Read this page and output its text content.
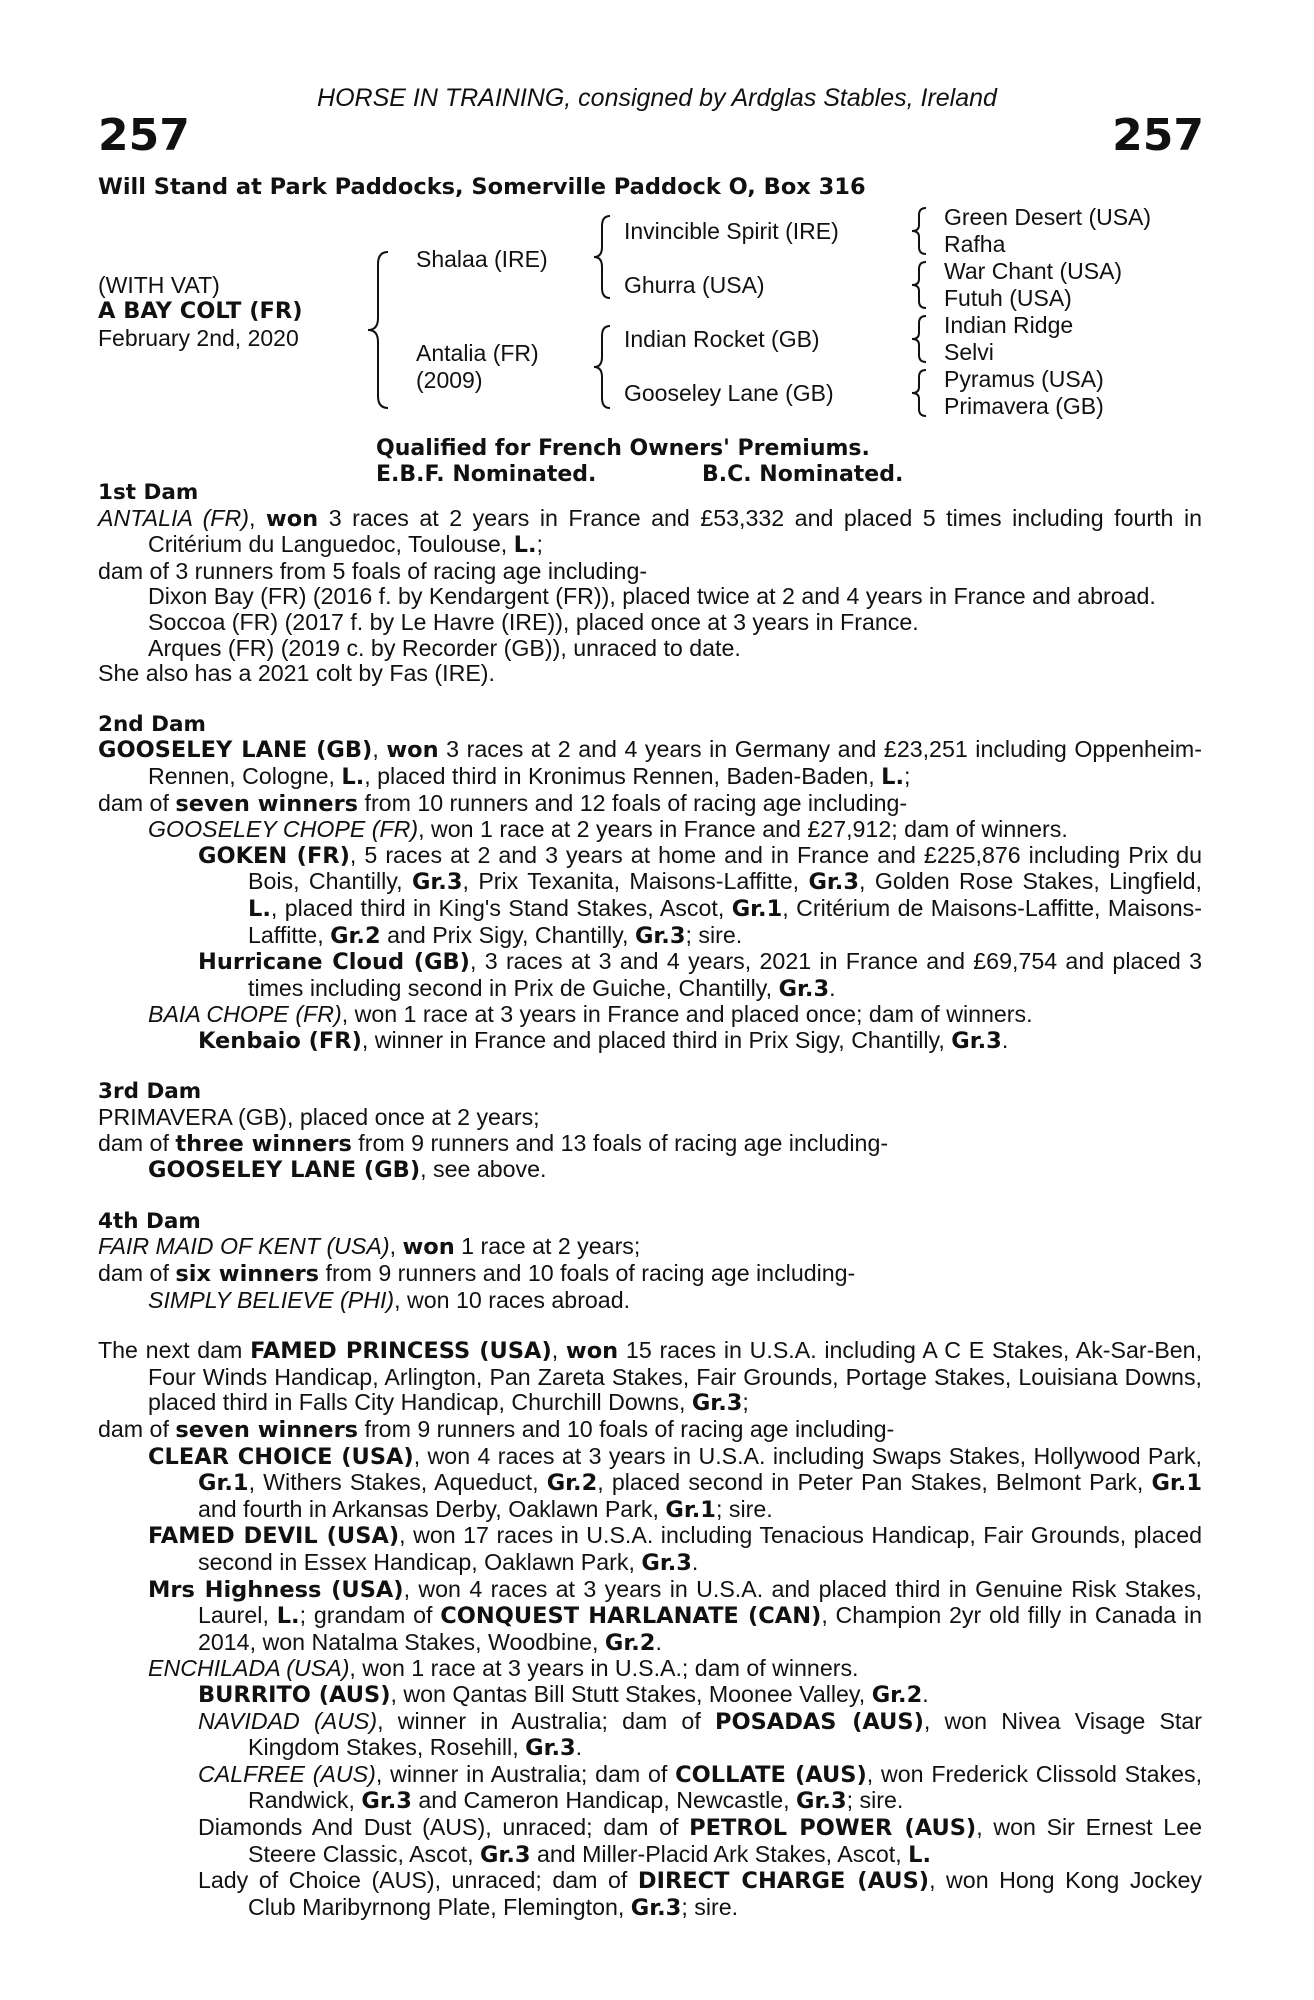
HORSE IN TRAINING, consigned by Ardglas Stables, Ireland
257	257
Will Stand at Park Paddocks, Somerville Paddock O, Box 316
(WITH VAT)
A BAY COLT (FR)
February 2nd, 2020
Shalaa (IRE)
Antalia (FR)
(2009)
Invincible Spirit (IRE)
Ghurra (USA)
Indian Rocket (GB)
Gooseley Lane (GB)
Green Desert (USA)
Rafha
War Chant (USA)
Futuh (USA)
Indian Ridge
Selvi
Pyramus (USA)
Primavera (GB)
Qualified for French Owners' Premiums.
E.B.F. Nominated.	B.C. Nominated.
1st Dam

ANTALIA (FR), won 3 races at 2 years in France and £53,332 and placed 5 times including fourth in Critérium du Languedoc, Toulouse, L.;

dam of 3 runners from 5 foals of racing age including-

Dixon Bay (FR) (2016 f. by Kendargent (FR)), placed twice at 2 and 4 years in France and abroad.

Soccoa (FR) (2017 f. by Le Havre (IRE)), placed once at 3 years in France.

Arques (FR) (2019 c. by Recorder (GB)), unraced to date.

She also has a 2021 colt by Fas (IRE).

2nd Dam

GOOSELEY LANE (GB), won 3 races at 2 and 4 years in Germany and £23,251 including Oppenheim-Rennen, Cologne, L., placed third in Kronimus Rennen, Baden-Baden, L.;

dam of seven winners from 10 runners and 12 foals of racing age including-

GOOSELEY CHOPE (FR), won 1 race at 2 years in France and £27,912; dam of winners.

GOKEN (FR), 5 races at 2 and 3 years at home and in France and £225,876 including Prix du Bois, Chantilly, Gr.3, Prix Texanita, Maisons-Laffitte, Gr.3, Golden Rose Stakes, Lingfield, L., placed third in King's Stand Stakes, Ascot, Gr.1, Critérium de Maisons-Laffitte, Maisons-Laffitte, Gr.2 and Prix Sigy, Chantilly, Gr.3; sire.

Hurricane Cloud (GB), 3 races at 3 and 4 years, 2021 in France and £69,754 and placed 3 times including second in Prix de Guiche, Chantilly, Gr.3.

BAIA CHOPE (FR), won 1 race at 3 years in France and placed once; dam of winners.

Kenbaio (FR), winner in France and placed third in Prix Sigy, Chantilly, Gr.3.

3rd Dam

PRIMAVERA (GB), placed once at 2 years;

dam of three winners from 9 runners and 13 foals of racing age including-

GOOSELEY LANE (GB), see above.

4th Dam

FAIR MAID OF KENT (USA), won 1 race at 2 years;

dam of six winners from 9 runners and 10 foals of racing age including-

SIMPLY BELIEVE (PHI), won 10 races abroad.

The next dam FAMED PRINCESS (USA), won 15 races in U.S.A. including A C E Stakes, Ak-Sar-Ben, Four Winds Handicap, Arlington, Pan Zareta Stakes, Fair Grounds, Portage Stakes, Louisiana Downs, placed third in Falls City Handicap, Churchill Downs, Gr.3;

dam of seven winners from 9 runners and 10 foals of racing age including-

CLEAR CHOICE (USA), won 4 races at 3 years in U.S.A. including Swaps Stakes, Hollywood Park, Gr.1, Withers Stakes, Aqueduct, Gr.2, placed second in Peter Pan Stakes, Belmont Park, Gr.1 and fourth in Arkansas Derby, Oaklawn Park, Gr.1; sire.

FAMED DEVIL (USA), won 17 races in U.S.A. including Tenacious Handicap, Fair Grounds, placed second in Essex Handicap, Oaklawn Park, Gr.3.

Mrs Highness (USA), won 4 races at 3 years in U.S.A. and placed third in Genuine Risk Stakes, Laurel, L.; grandam of CONQUEST HARLANATE (CAN), Champion 2yr old filly in Canada in 2014, won Natalma Stakes, Woodbine, Gr.2.

ENCHILADA (USA), won 1 race at 3 years in U.S.A.; dam of winners.

BURRITO (AUS), won Qantas Bill Stutt Stakes, Moonee Valley, Gr.2.

NAVIDAD (AUS), winner in Australia; dam of POSADAS (AUS), won Nivea Visage Star Kingdom Stakes, Rosehill, Gr.3.

CALFREE (AUS), winner in Australia; dam of COLLATE (AUS), won Frederick Clissold Stakes, Randwick, Gr.3 and Cameron Handicap, Newcastle, Gr.3; sire.

Diamonds And Dust (AUS), unraced; dam of PETROL POWER (AUS), won Sir Ernest Lee Steere Classic, Ascot, Gr.3 and Miller-Placid Ark Stakes, Ascot, L.

Lady of Choice (AUS), unraced; dam of DIRECT CHARGE (AUS), won Hong Kong Jockey Club Maribyrnong Plate, Flemington, Gr.3; sire.
